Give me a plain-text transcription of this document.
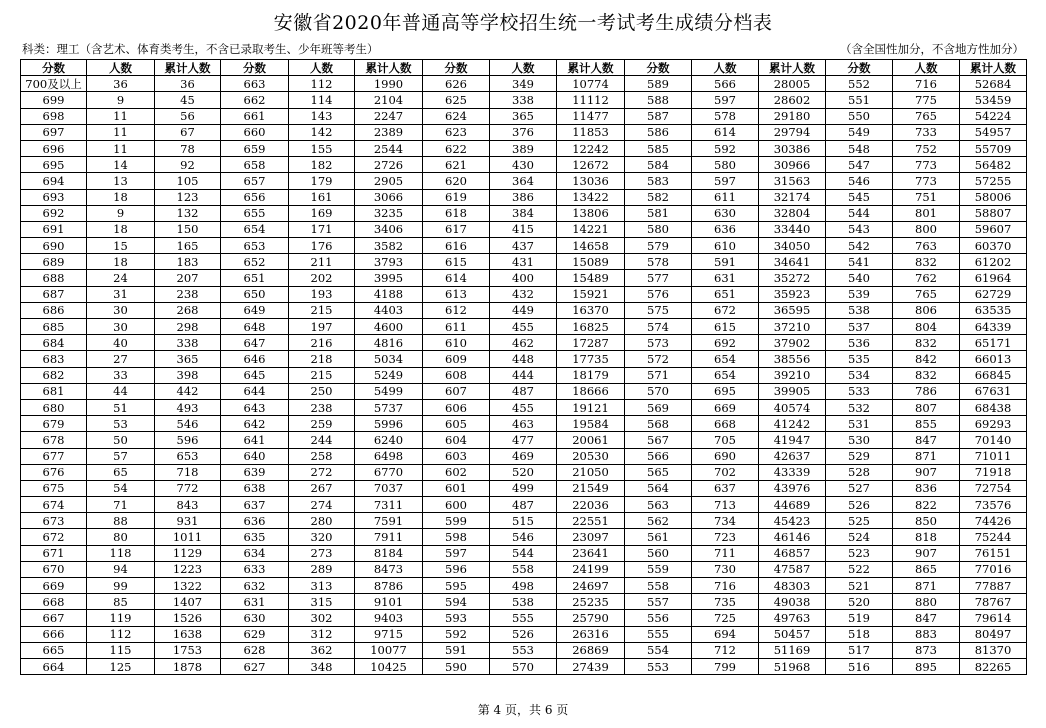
安徽省2020年普通高等学校招生统一考试考生成绩分档表
科类：理工（含艺术、体育类考生，不含已录取考生、少年班等考生）	（含全国性加分，不含地方性加分）
分数	人数	累计人数	分数	人数	累计人数	分数	人数	累计人数	分数	人数	累计人数	分数	人数	累计人数
700及以上	36	36	663	112	1990	626	349	10774	589	566	28005	552	716	52684
699	9	45	662	114	2104	625	338	11112	588	597	28602	551	775	53459
698	11	56	661	143	2247	624	365	11477	587	578	29180	550	765	54224
697	11	67	660	142	2389	623	376	11853	586	614	29794	549	733	54957
696	11	78	659	155	2544	622	389	12242	585	592	30386	548	752	55709
695	14	92	658	182	2726	621	430	12672	584	580	30966	547	773	56482
694	13	105	657	179	2905	620	364	13036	583	597	31563	546	773	57255
693	18	123	656	161	3066	619	386	13422	582	611	32174	545	751	58006
692	9	132	655	169	3235	618	384	13806	581	630	32804	544	801	58807
691	18	150	654	171	3406	617	415	14221	580	636	33440	543	800	59607
690	15	165	653	176	3582	616	437	14658	579	610	34050	542	763	60370
689	18	183	652	211	3793	615	431	15089	578	591	34641	541	832	61202
688	24	207	651	202	3995	614	400	15489	577	631	35272	540	762	61964
687	31	238	650	193	4188	613	432	15921	576	651	35923	539	765	62729
686	30	268	649	215	4403	612	449	16370	575	672	36595	538	806	63535
685	30	298	648	197	4600	611	455	16825	574	615	37210	537	804	64339
684	40	338	647	216	4816	610	462	17287	573	692	37902	536	832	65171
683	27	365	646	218	5034	609	448	17735	572	654	38556	535	842	66013
682	33	398	645	215	5249	608	444	18179	571	654	39210	534	832	66845
681	44	442	644	250	5499	607	487	18666	570	695	39905	533	786	67631
680	51	493	643	238	5737	606	455	19121	569	669	40574	532	807	68438
679	53	546	642	259	5996	605	463	19584	568	668	41242	531	855	69293
678	50	596	641	244	6240	604	477	20061	567	705	41947	530	847	70140
677	57	653	640	258	6498	603	469	20530	566	690	42637	529	871	71011
676	65	718	639	272	6770	602	520	21050	565	702	43339	528	907	71918
675	54	772	638	267	7037	601	499	21549	564	637	43976	527	836	72754
674	71	843	637	274	7311	600	487	22036	563	713	44689	526	822	73576
673	88	931	636	280	7591	599	515	22551	562	734	45423	525	850	74426
672	80	1011	635	320	7911	598	546	23097	561	723	46146	524	818	75244
671	118	1129	634	273	8184	597	544	23641	560	711	46857	523	907	76151
670	94	1223	633	289	8473	596	558	24199	559	730	47587	522	865	77016
669	99	1322	632	313	8786	595	498	24697	558	716	48303	521	871	77887
668	85	1407	631	315	9101	594	538	25235	557	735	49038	520	880	78767
667	119	1526	630	302	9403	593	555	25790	556	725	49763	519	847	79614
666	112	1638	629	312	9715	592	526	26316	555	694	50457	518	883	80497
665	115	1753	628	362	10077	591	553	26869	554	712	51169	517	873	81370
664	125	1878	627	348	10425	590	570	27439	553	799	51968	516	895	82265
第 4 页，共 6 页
